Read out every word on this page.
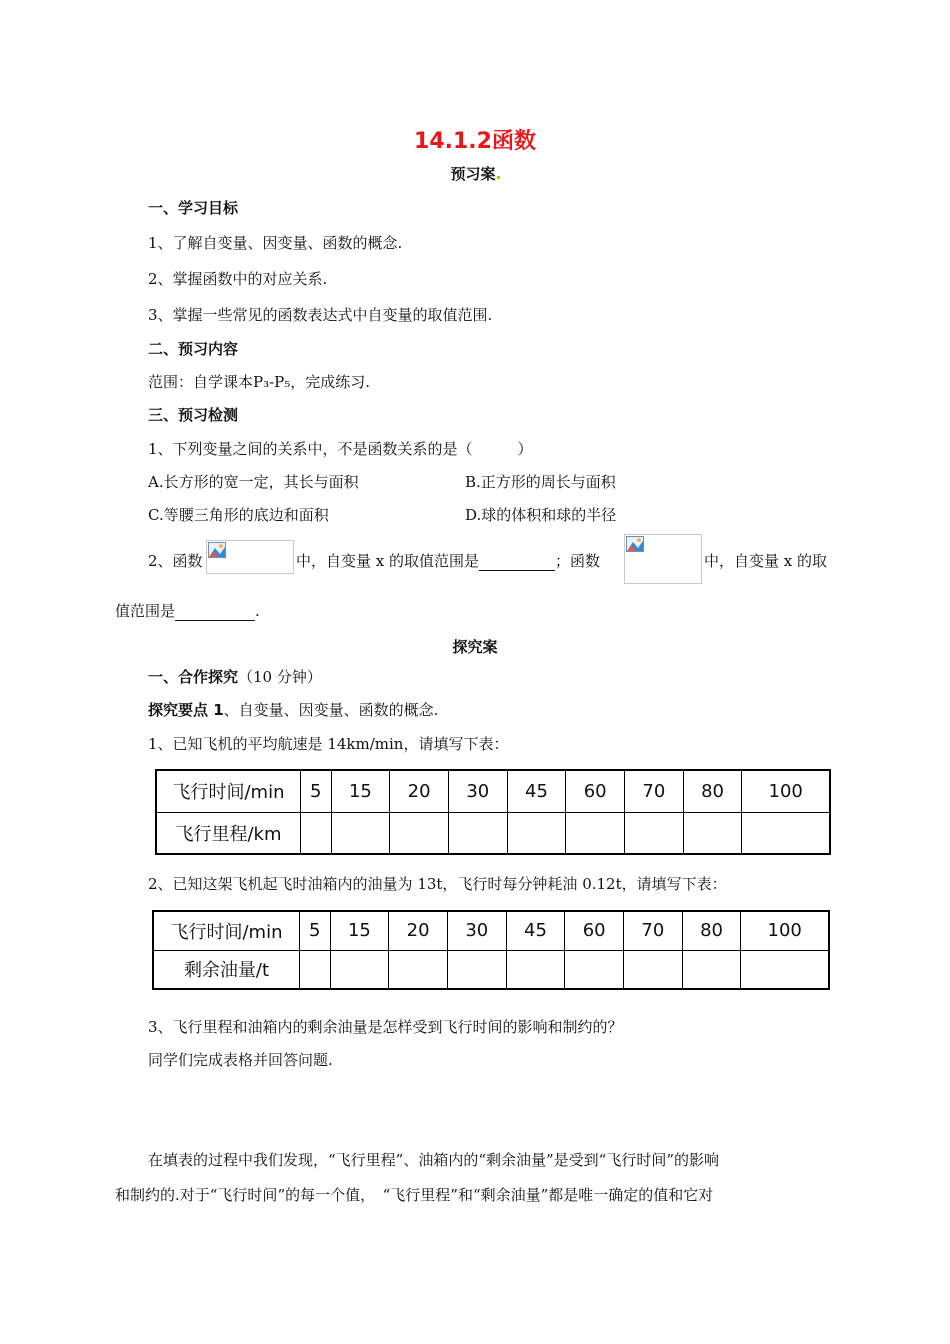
14.1.2函数
预习案
一、学习目标
1、了解自变量、因变量、函数的概念.
2、掌握函数中的对应关系.
3、掌握一些常见的函数表达式中自变量的取值范围.
二、预习内容
范围：自学课本P₃-P₅，完成练习.
三、预习检测
1、下列变量之间的关系中，不是函数关系的是（　　　）
A.长方形的宽一定，其长与面积	B.正方形的周长与面积
C.等腰三角形的底边和面积	D.球的体积和球的半径
2、函数	中，自变量 x 的取值范围是	；函数	中，自变量 x 的取
值范围是	.
探究案
一、合作探究（10 分钟）
探究要点 1、自变量、因变量、函数的概念.
1、已知飞机的平均航速是 14km/min，请填写下表：
飞行时间/min	5	15	20	30	45	60	70	80	100
飞行里程/km									
2、已知这架飞机起飞时油箱内的油量为 13t，飞行时每分钟耗油 0.12t，请填写下表：
飞行时间/min	5	15	20	30	45	60	70	80	100
剩余油量/t									
3、飞行里程和油箱内的剩余油量是怎样受到飞行时间的影响和制约的？
同学们完成表格并回答问题.
在填表的过程中我们发现，“飞行里程”、油箱内的“剩余油量”是受到“飞行时间”的影响
和制约的.对于“飞行时间”的每一个值，　“飞行里程”和“剩余油量”都是唯一确定的值和它对
